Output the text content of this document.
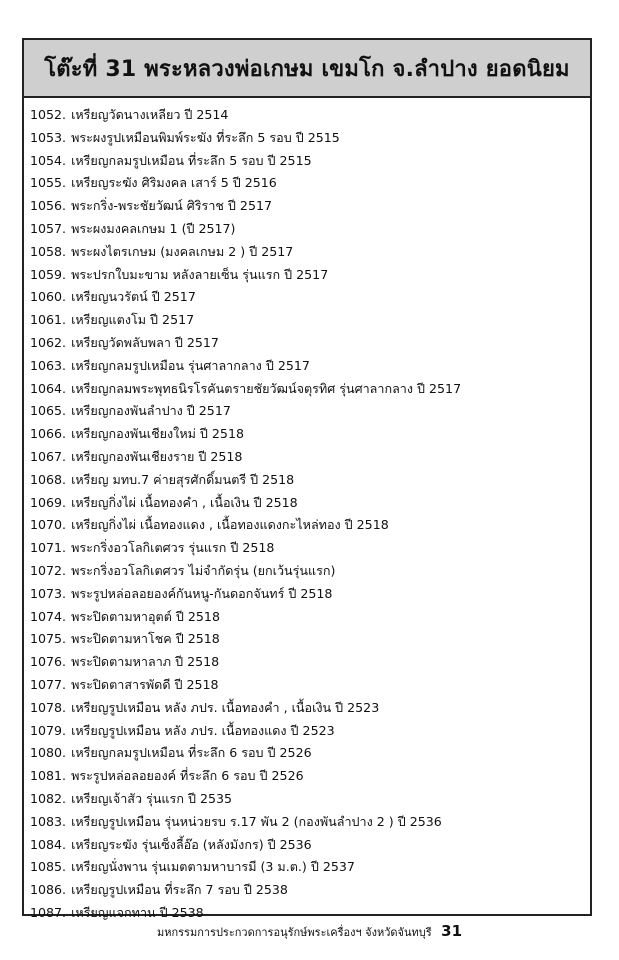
โต๊ะที่ 31 พระหลวงพ่อเกษม เขมโก จ.ลำปาง ยอดนิยม
1052. เหรียญวัดนางเหลียว ปี 2514
1053. พระผงรูปเหมือนพิมพ์ระฆัง ที่ระลึก 5 รอบ ปี 2515
1054. เหรียญกลมรูปเหมือน ที่ระลึก 5 รอบ ปี 2515
1055. เหรียญระฆัง ศิริมงคล เสาร์ 5 ปี 2516
1056. พระกริ่ง-พระชัยวัฒน์ ศิริราช ปี 2517
1057. พระผงมงคลเกษม 1 (ปี 2517)
1058. พระผงไตรเกษม (มงคลเกษม 2 ) ปี 2517
1059. พระปรกใบมะขาม หลังลายเซ็น รุ่นแรก ปี 2517
1060. เหรียญนวรัตน์ ปี 2517
1061. เหรียญแตงโม ปี 2517
1062. เหรียญวัดพลับพลา ปี 2517
1063. เหรียญกลมรูปเหมือน รุ่นศาลากลาง ปี 2517
1064. เหรียญกลมพระพุทธนิรโรคันตรายชัยวัฒน์จตุรทิศ รุ่นศาลากลาง ปี 2517
1065. เหรียญกองพันลำปาง ปี 2517
1066. เหรียญกองพันเชียงใหม่ ปี 2518
1067. เหรียญกองพันเชียงราย ปี 2518
1068. เหรียญ มทบ.7 ค่ายสุรศักดิ์มนตรี ปี 2518
1069. เหรียญกิ่งไผ่ เนื้อทองคำ , เนื้อเงิน ปี 2518
1070. เหรียญกิ่งไผ่ เนื้อทองแดง , เนื้อทองแดงกะไหล่ทอง ปี 2518
1071. พระกริ่งอวโลกิเตศวร รุ่นแรก ปี 2518
1072. พระกริ่งอวโลกิเตศวร ไม่จำกัดรุ่น (ยกเว้นรุ่นแรก)
1073. พระรูปหล่อลอยองค์กันหนู-กันดอกจันทร์ ปี 2518
1074. พระปิดตามหาอุตต์ ปี 2518
1075. พระปิดตามหาโชค ปี 2518
1076. พระปิดตามหาลาภ ปี 2518
1077. พระปิดตาสารพัดดี ปี 2518
1078. เหรียญรูปเหมือน หลัง ภปร. เนื้อทองคำ , เนื้อเงิน ปี 2523
1079. เหรียญรูปเหมือน หลัง ภปร. เนื้อทองแดง ปี 2523
1080. เหรียญกลมรูปเหมือน ที่ระลึก 6 รอบ ปี 2526
1081. พระรูปหล่อลอยองค์ ที่ระลึก 6 รอบ ปี 2526
1082. เหรียญเจ้าสัว รุ่นแรก ปี 2535
1083. เหรียญรูปเหมือน รุ่นหน่วยรบ ร.17 พัน 2 (กองพันลำปาง 2 ) ปี 2536
1084. เหรียญระฆัง รุ่นเซ็งลี้อ๊อ (หลังมังกร) ปี 2536
1085. เหรียญนั่งพาน รุ่นเมตตามหาบารมี (3 ม.ต.) ปี 2537
1086. เหรียญรูปเหมือน ที่ระลึก 7 รอบ ปี 2538
1087. เหรียญแจกทาน ปี 2538
มหกรรมการประกวดการอนุรักษ์พระเครื่องฯ จังหวัดจันทบุรี 31
